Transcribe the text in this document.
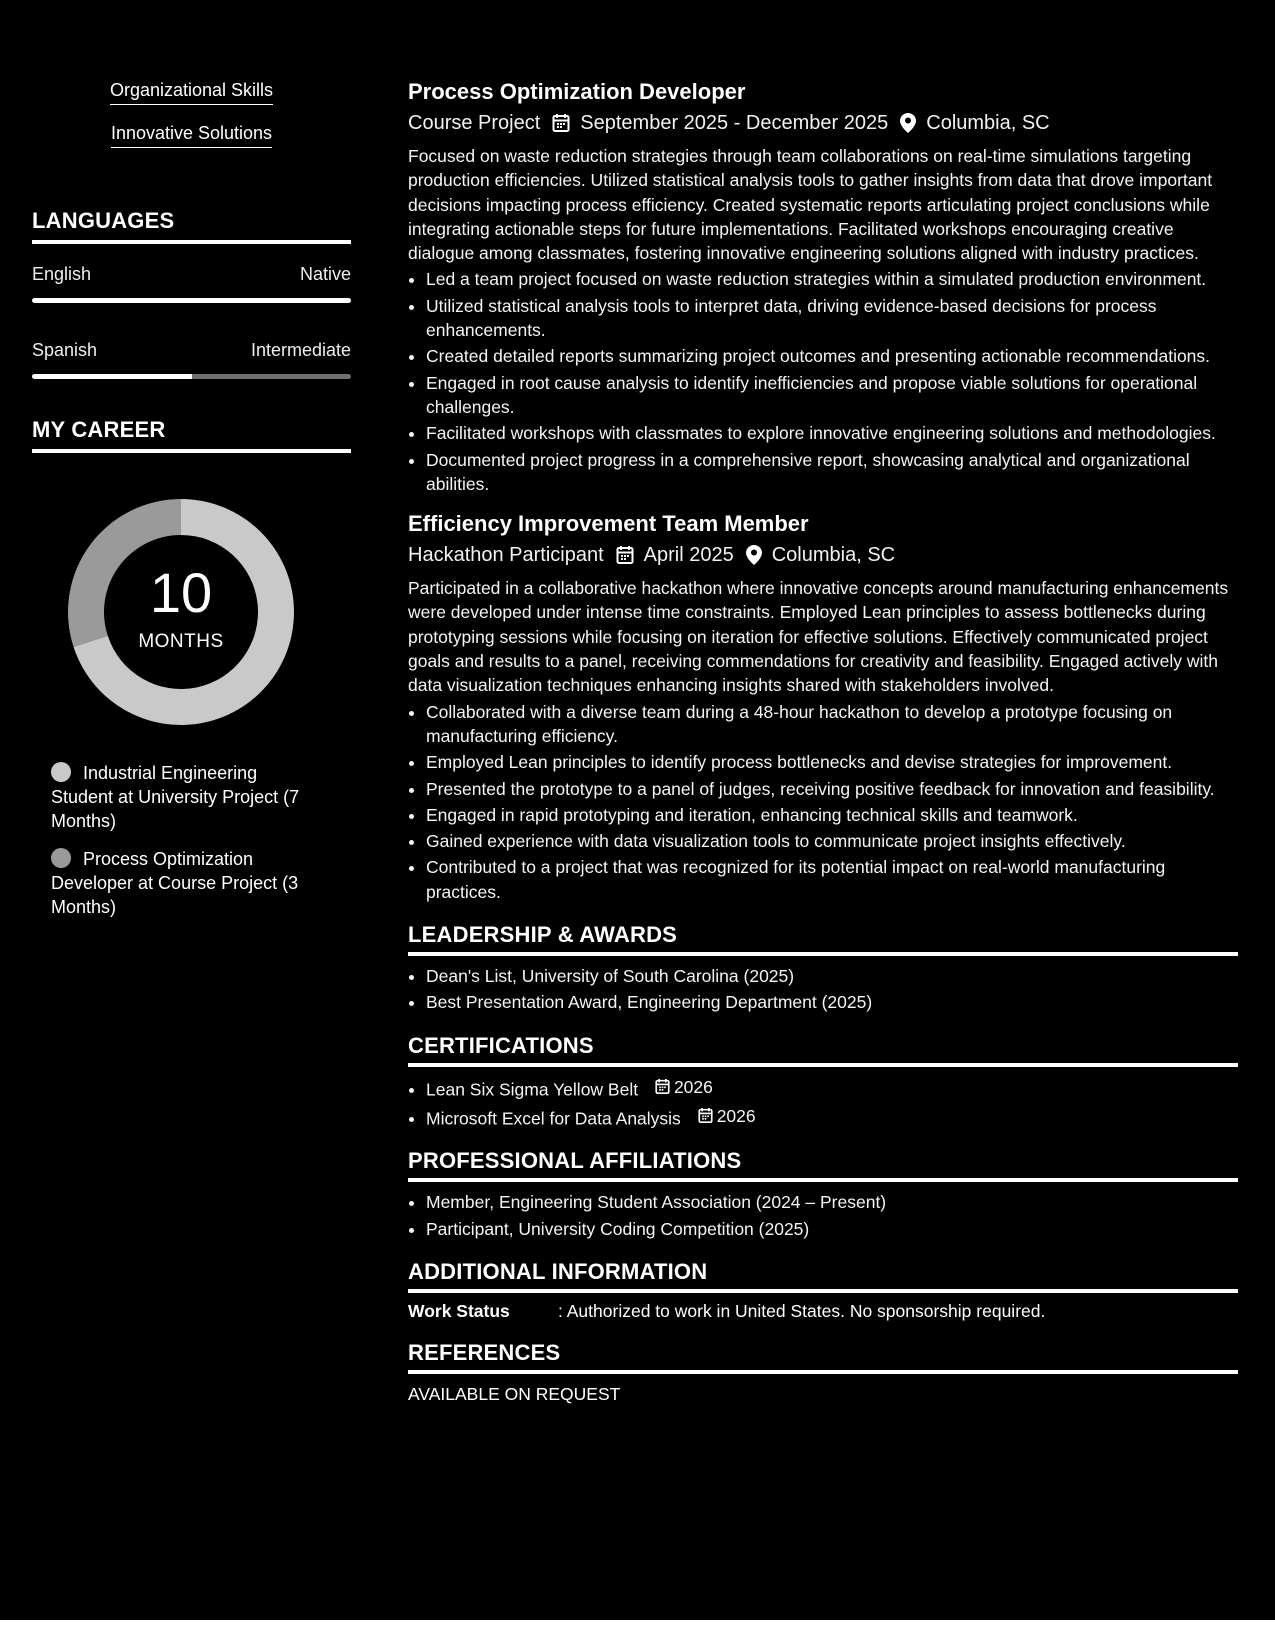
Organizational Skills
Innovative Solutions
LANGUAGES
English	Native
Spanish	Intermediate
MY CAREER
10
MONTHS
Industrial Engineering Student at University Project (7 Months)
Process Optimization Developer at Course Project (3 Months)
Process Optimization Developer
Course Project September 2025 - December 2025 Columbia, SC
Focused on waste reduction strategies through team collaborations on real-time simulations targeting production efficiencies. Utilized statistical analysis tools to gather insights from data that drove important decisions impacting process efficiency. Created systematic reports articulating project conclusions while integrating actionable steps for future implementations. Facilitated workshops encouraging creative dialogue among classmates, fostering innovative engineering solutions aligned with industry practices.
• Led a team project focused on waste reduction strategies within a simulated production environment.
• Utilized statistical analysis tools to interpret data, driving evidence-based decisions for process enhancements.
• Created detailed reports summarizing project outcomes and presenting actionable recommendations.
• Engaged in root cause analysis to identify inefficiencies and propose viable solutions for operational challenges.
• Facilitated workshops with classmates to explore innovative engineering solutions and methodologies.
• Documented project progress in a comprehensive report, showcasing analytical and organizational abilities.
Efficiency Improvement Team Member
Hackathon Participant April 2025 Columbia, SC
Participated in a collaborative hackathon where innovative concepts around manufacturing enhancements were developed under intense time constraints. Employed Lean principles to assess bottlenecks during prototyping sessions while focusing on iteration for effective solutions. Effectively communicated project goals and results to a panel, receiving commendations for creativity and feasibility. Engaged actively with data visualization techniques enhancing insights shared with stakeholders involved.
• Collaborated with a diverse team during a 48-hour hackathon to develop a prototype focusing on manufacturing efficiency.
• Employed Lean principles to identify process bottlenecks and devise strategies for improvement.
• Presented the prototype to a panel of judges, receiving positive feedback for innovation and feasibility.
• Engaged in rapid prototyping and iteration, enhancing technical skills and teamwork.
• Gained experience with data visualization tools to communicate project insights effectively.
• Contributed to a project that was recognized for its potential impact on real-world manufacturing practices.
LEADERSHIP & AWARDS
• Dean's List, University of South Carolina (2025)
• Best Presentation Award, Engineering Department (2025)
CERTIFICATIONS
• Lean Six Sigma Yellow Belt 2026
• Microsoft Excel for Data Analysis 2026
PROFESSIONAL AFFILIATIONS
• Member, Engineering Student Association (2024 – Present)
• Participant, University Coding Competition (2025)
ADDITIONAL INFORMATION
Work Status	: Authorized to work in United States. No sponsorship required.
REFERENCES
AVAILABLE ON REQUEST
